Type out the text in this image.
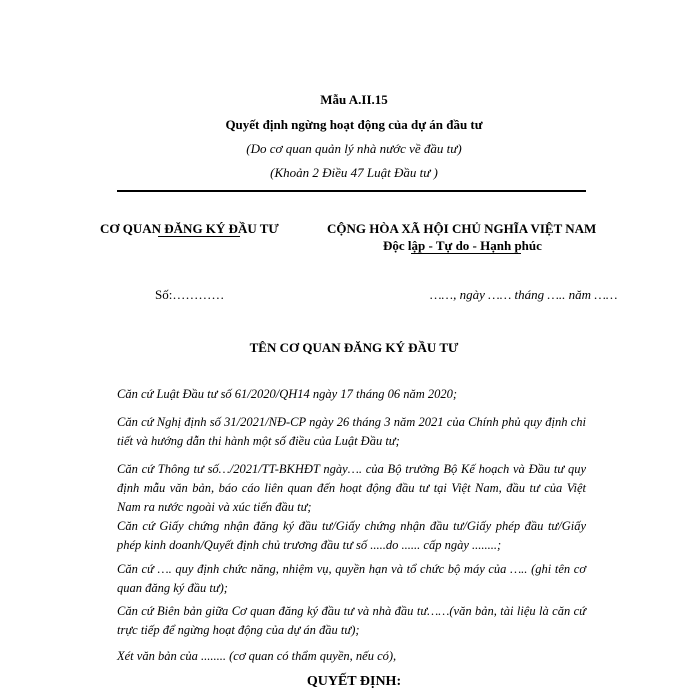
Mẫu A.II.15
Quyết định ngừng hoạt động của dự án đầu tư
(Do cơ quan quản lý nhà nước về đầu tư)
(Khoản 2 Điều 47 Luật Đầu tư )
CƠ QUAN ĐĂNG KÝ ĐẦU TƯ	CỘNG HÒA XÃ HỘI CHỦ NGHĨA VIỆT NAM
Độc lập - Tự do - Hạnh phúc
Số:…………	……, ngày …… tháng ….. năm ……
TÊN CƠ QUAN ĐĂNG KÝ ĐẦU TƯ
Căn cứ Luật Đầu tư số 61/2020/QH14 ngày 17 tháng 06 năm 2020;
Căn cứ Nghị định số 31/2021/NĐ-CP ngày 26 tháng 3 năm 2021 của Chính phủ quy định chi tiết và hướng dẫn thi hành một số điều của Luật Đầu tư;
Căn cứ Thông tư số…/2021/TT-BKHĐT ngày…. của Bộ trưởng Bộ Kế hoạch và Đầu tư quy định mẫu văn bản, báo cáo liên quan đến hoạt động đầu tư tại Việt Nam, đầu tư của Việt Nam ra nước ngoài và xúc tiến đầu tư;
Căn cứ Giấy chứng nhận đăng ký đầu tư/Giấy chứng nhận đầu tư/Giấy phép đầu tư/Giấy phép kinh doanh/Quyết định chủ trương đầu tư số .....do ...... cấp ngày ........;
Căn cứ …. quy định chức năng, nhiệm vụ, quyền hạn và tổ chức bộ máy của ….. (ghi tên cơ quan đăng ký đầu tư);
Căn cứ Biên bản giữa Cơ quan đăng ký đầu tư và nhà đầu tư……(văn bản, tài liệu là căn cứ trực tiếp để ngừng hoạt động của dự án đầu tư);
Xét văn bản của ........ (cơ quan có thẩm quyền, nếu có),
QUYẾT ĐỊNH:
